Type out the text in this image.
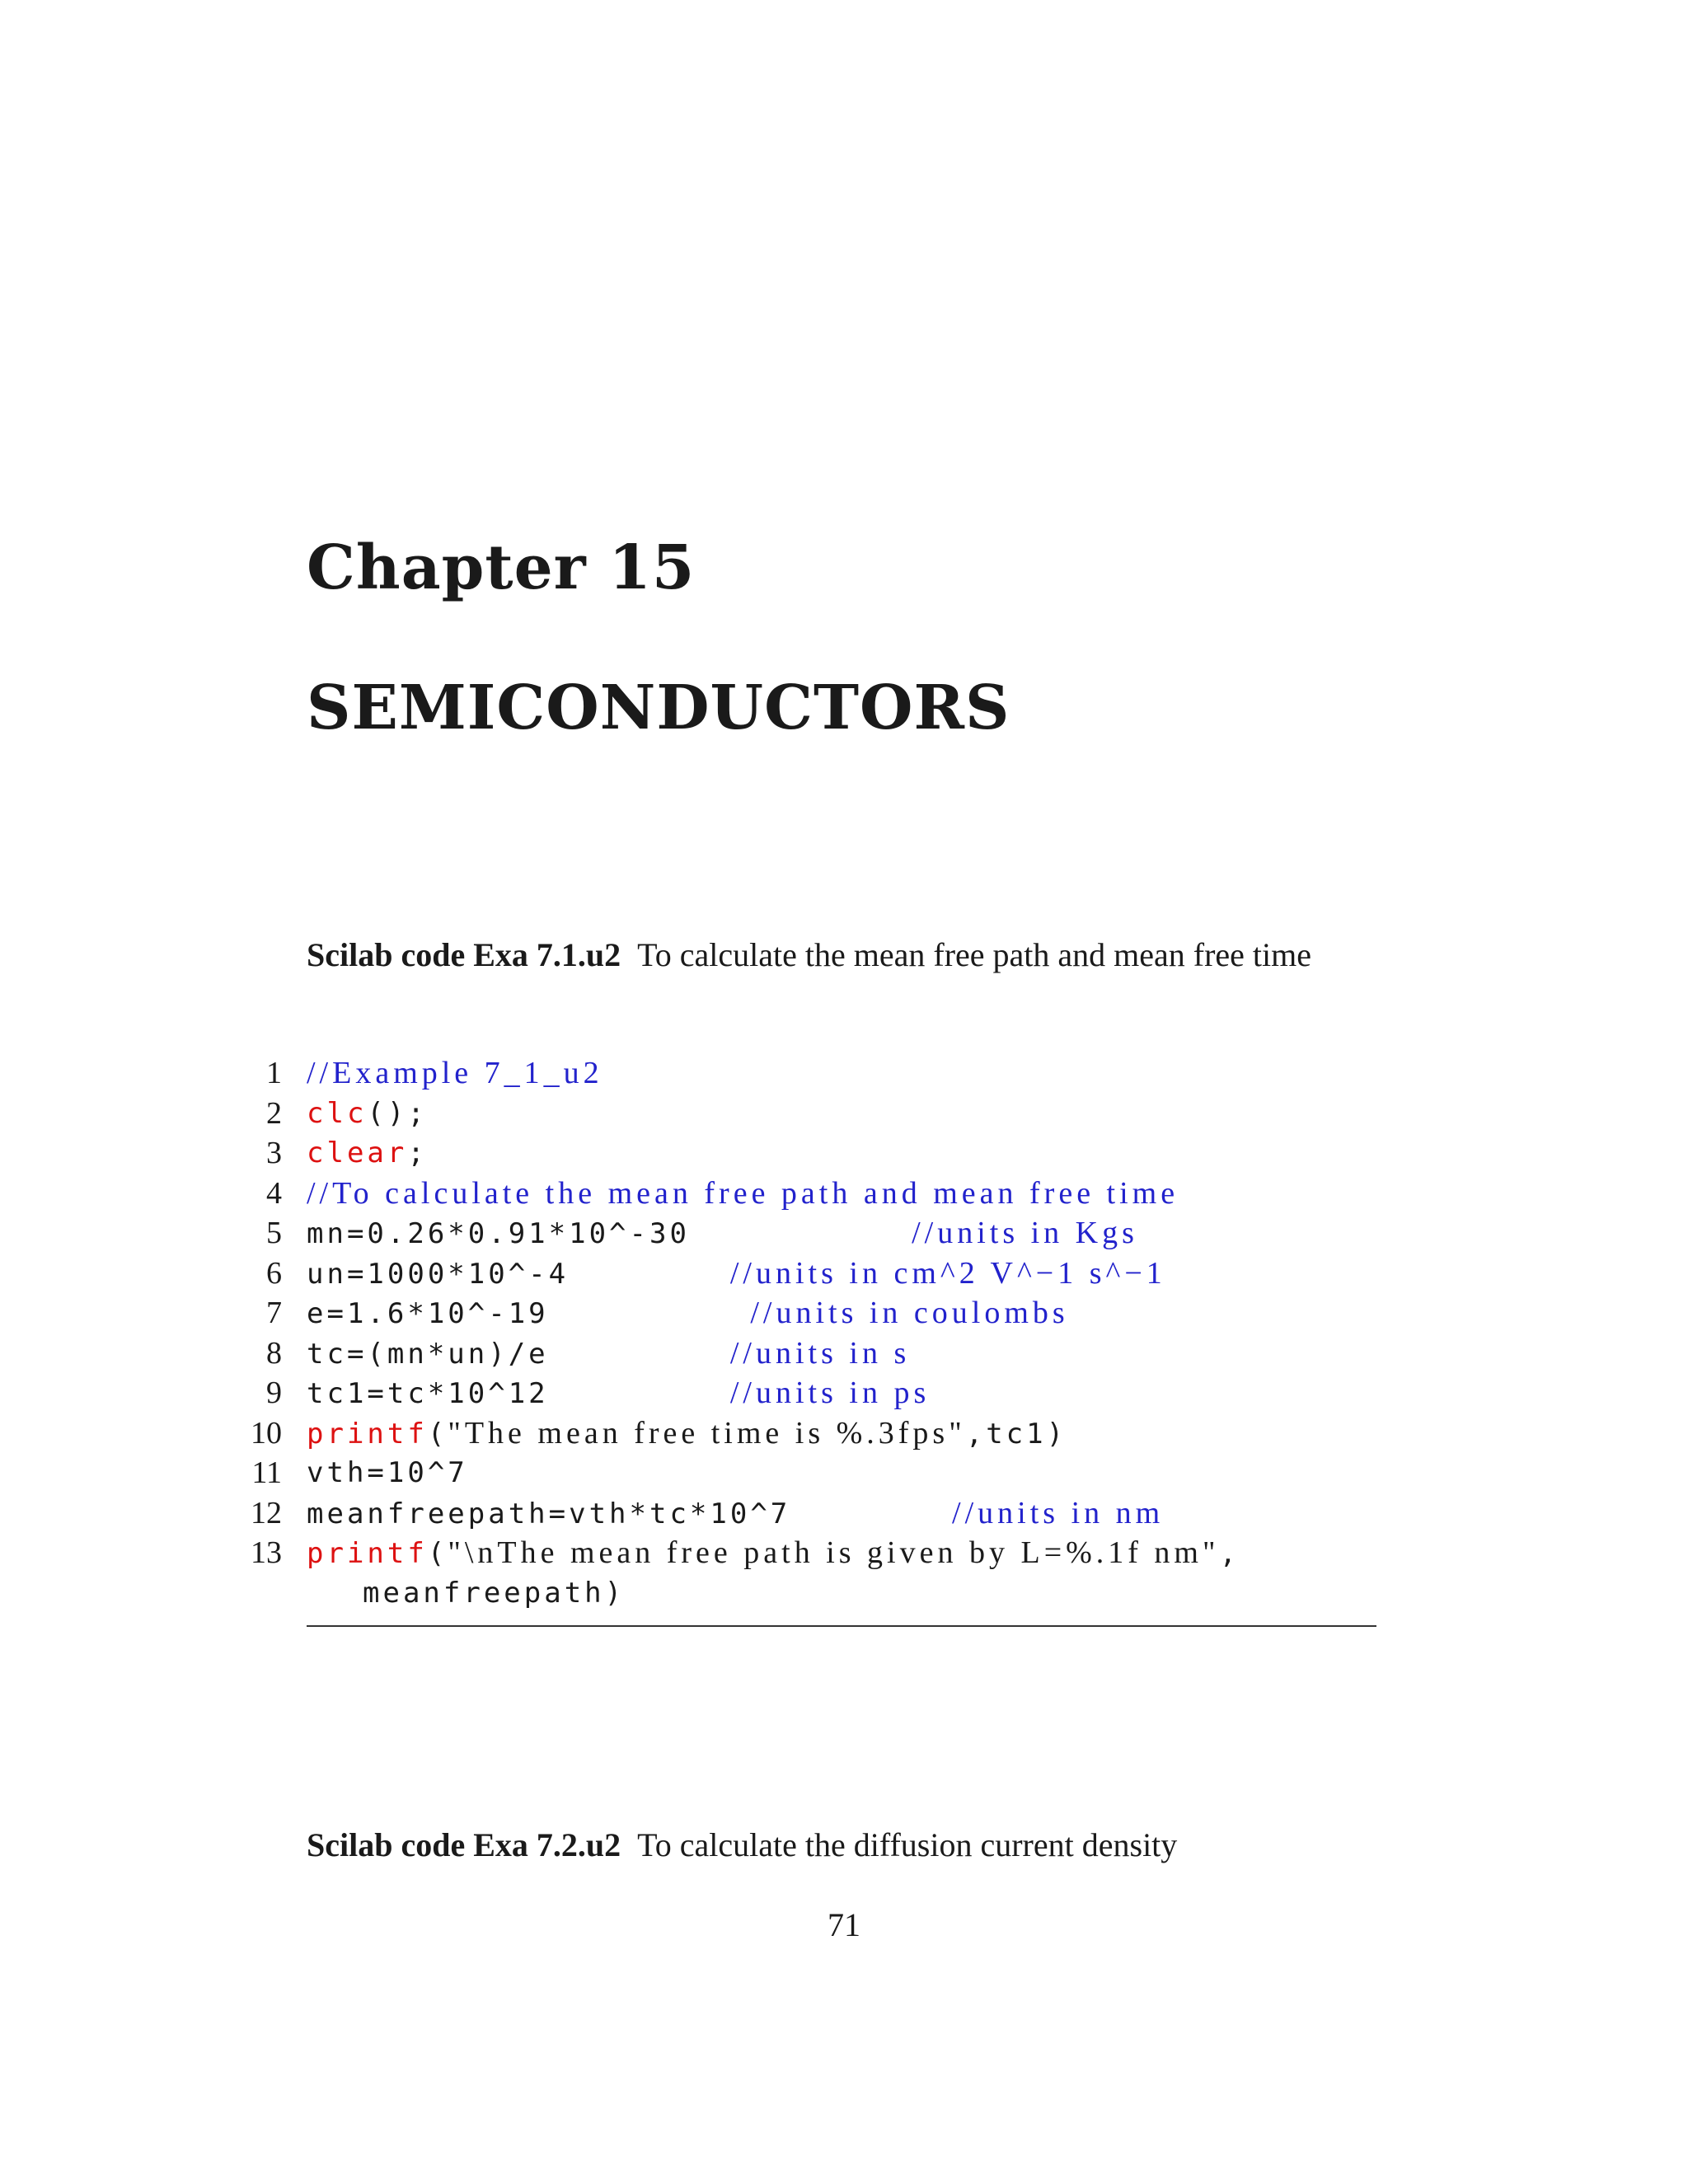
Chapter 15
SEMICONDUCTORS
Scilab code Exa 7.1.u2 To calculate the mean free path and mean free time
1 //Example 7_1_u2
2 clc();
3 clear;
4 //To calculate the mean free path and mean free time
5 mn=0.26*0.91*10^-30	//units in Kgs
6 un=1000*10^-4	//units in cm^2 V^−1 s^−1
7 e=1.6*10^-19	//units in coulombs
8 tc=(mn*un)/e	//units in s
9 tc1=tc*10^12	//units in ps
10 printf("The mean free time is %.3fps",tc1)
11 vth=10^7
12 meanfreepath=vth*tc*10^7	//units in nm
13 printf("\nThe mean free path is given by L=%.1f nm",
meanfreepath)
Scilab code Exa 7.2.u2 To calculate the diffusion current density
71
